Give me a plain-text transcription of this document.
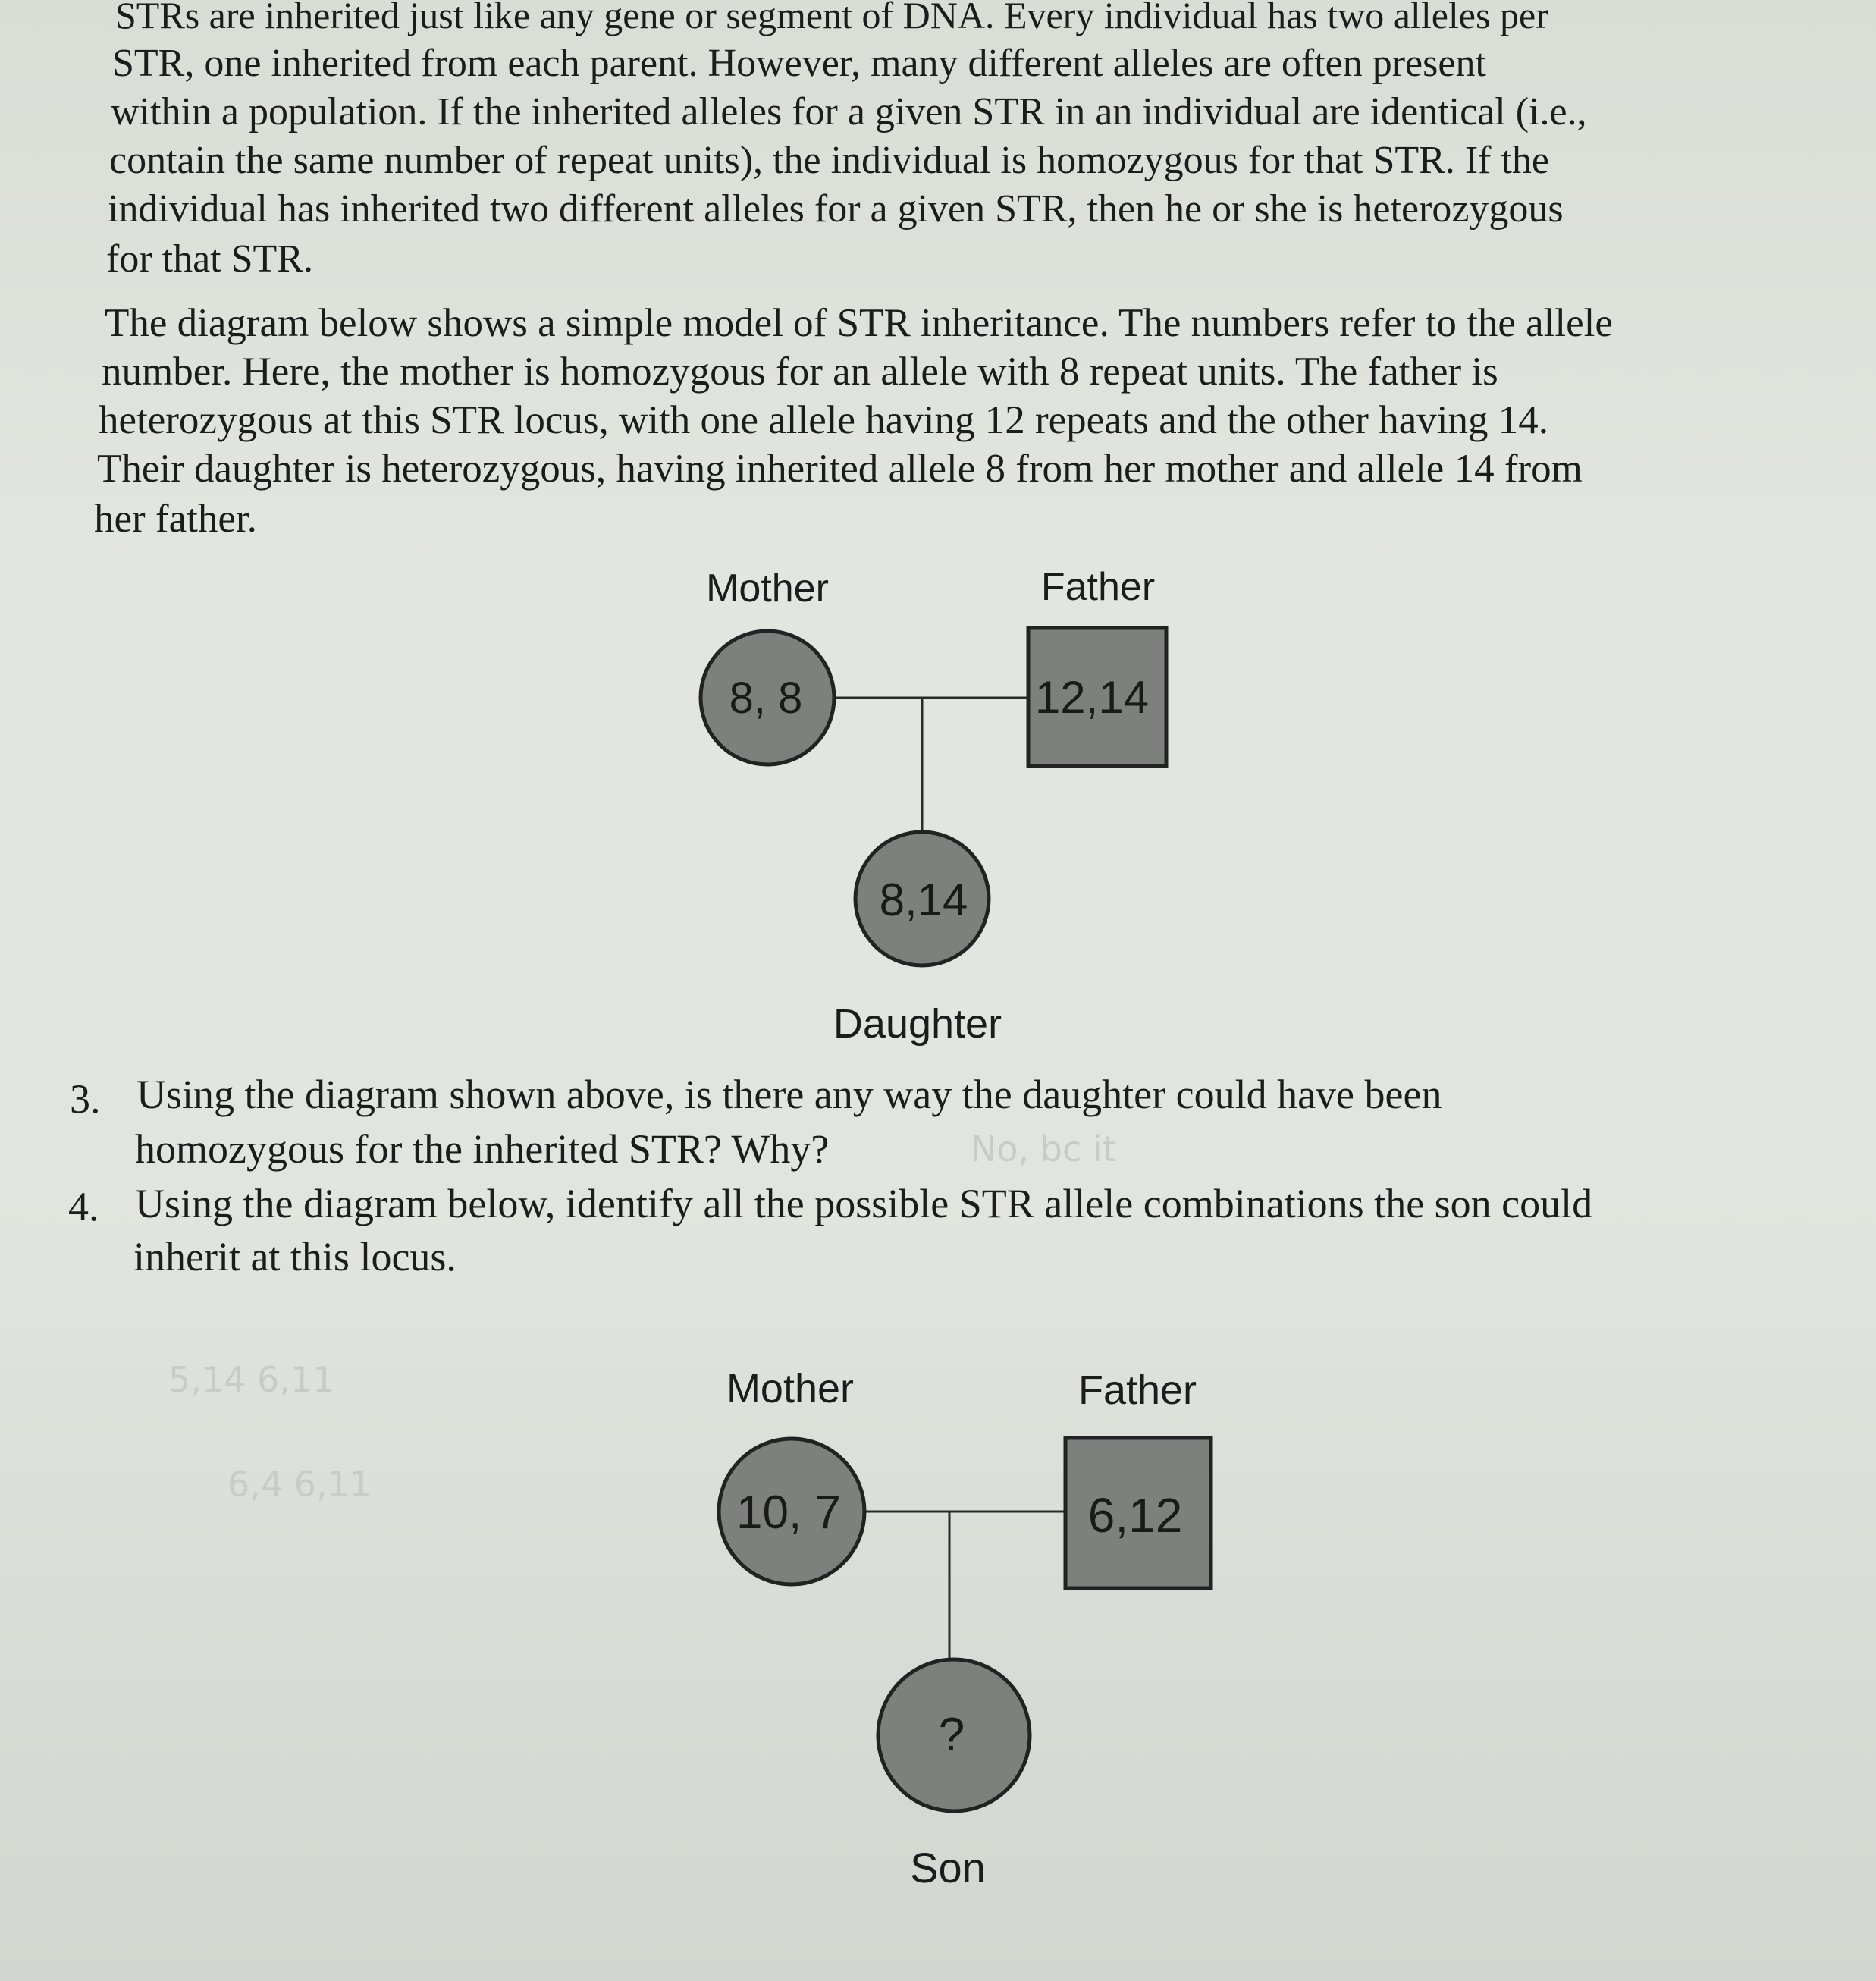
STRs are inherited just like any gene or segment of DNA. Every individual has two alleles per
STR, one inherited from each parent. However, many different alleles are often present
within a population. If the inherited alleles for a given STR in an individual are identical (i.e.,
contain the same number of repeat units), the individual is homozygous for that STR. If the
individual has inherited two different alleles for a given STR, then he or she is heterozygous
for that STR.
The diagram below shows a simple model of STR inheritance. The numbers refer to the allele
number. Here, the mother is homozygous for an allele with 8 repeat units. The father is
heterozygous at this STR locus, with one allele having 12 repeats and the other having 14.
Their daughter is heterozygous, having inherited allele 8 from her mother and allele 14 from
her father.
Mother	Father
8, 8	12,14
8,14
Daughter
3. Using the diagram shown above, is there any way the daughter could have been
homozygous for the inherited STR? Why?	No, bc it
4. Using the diagram below, identify all the possible STR allele combinations the son could
inherit at this locus.
5,14 6,11
6,4 6,11
Mother	Father
10, 7	6,12
?
Son
